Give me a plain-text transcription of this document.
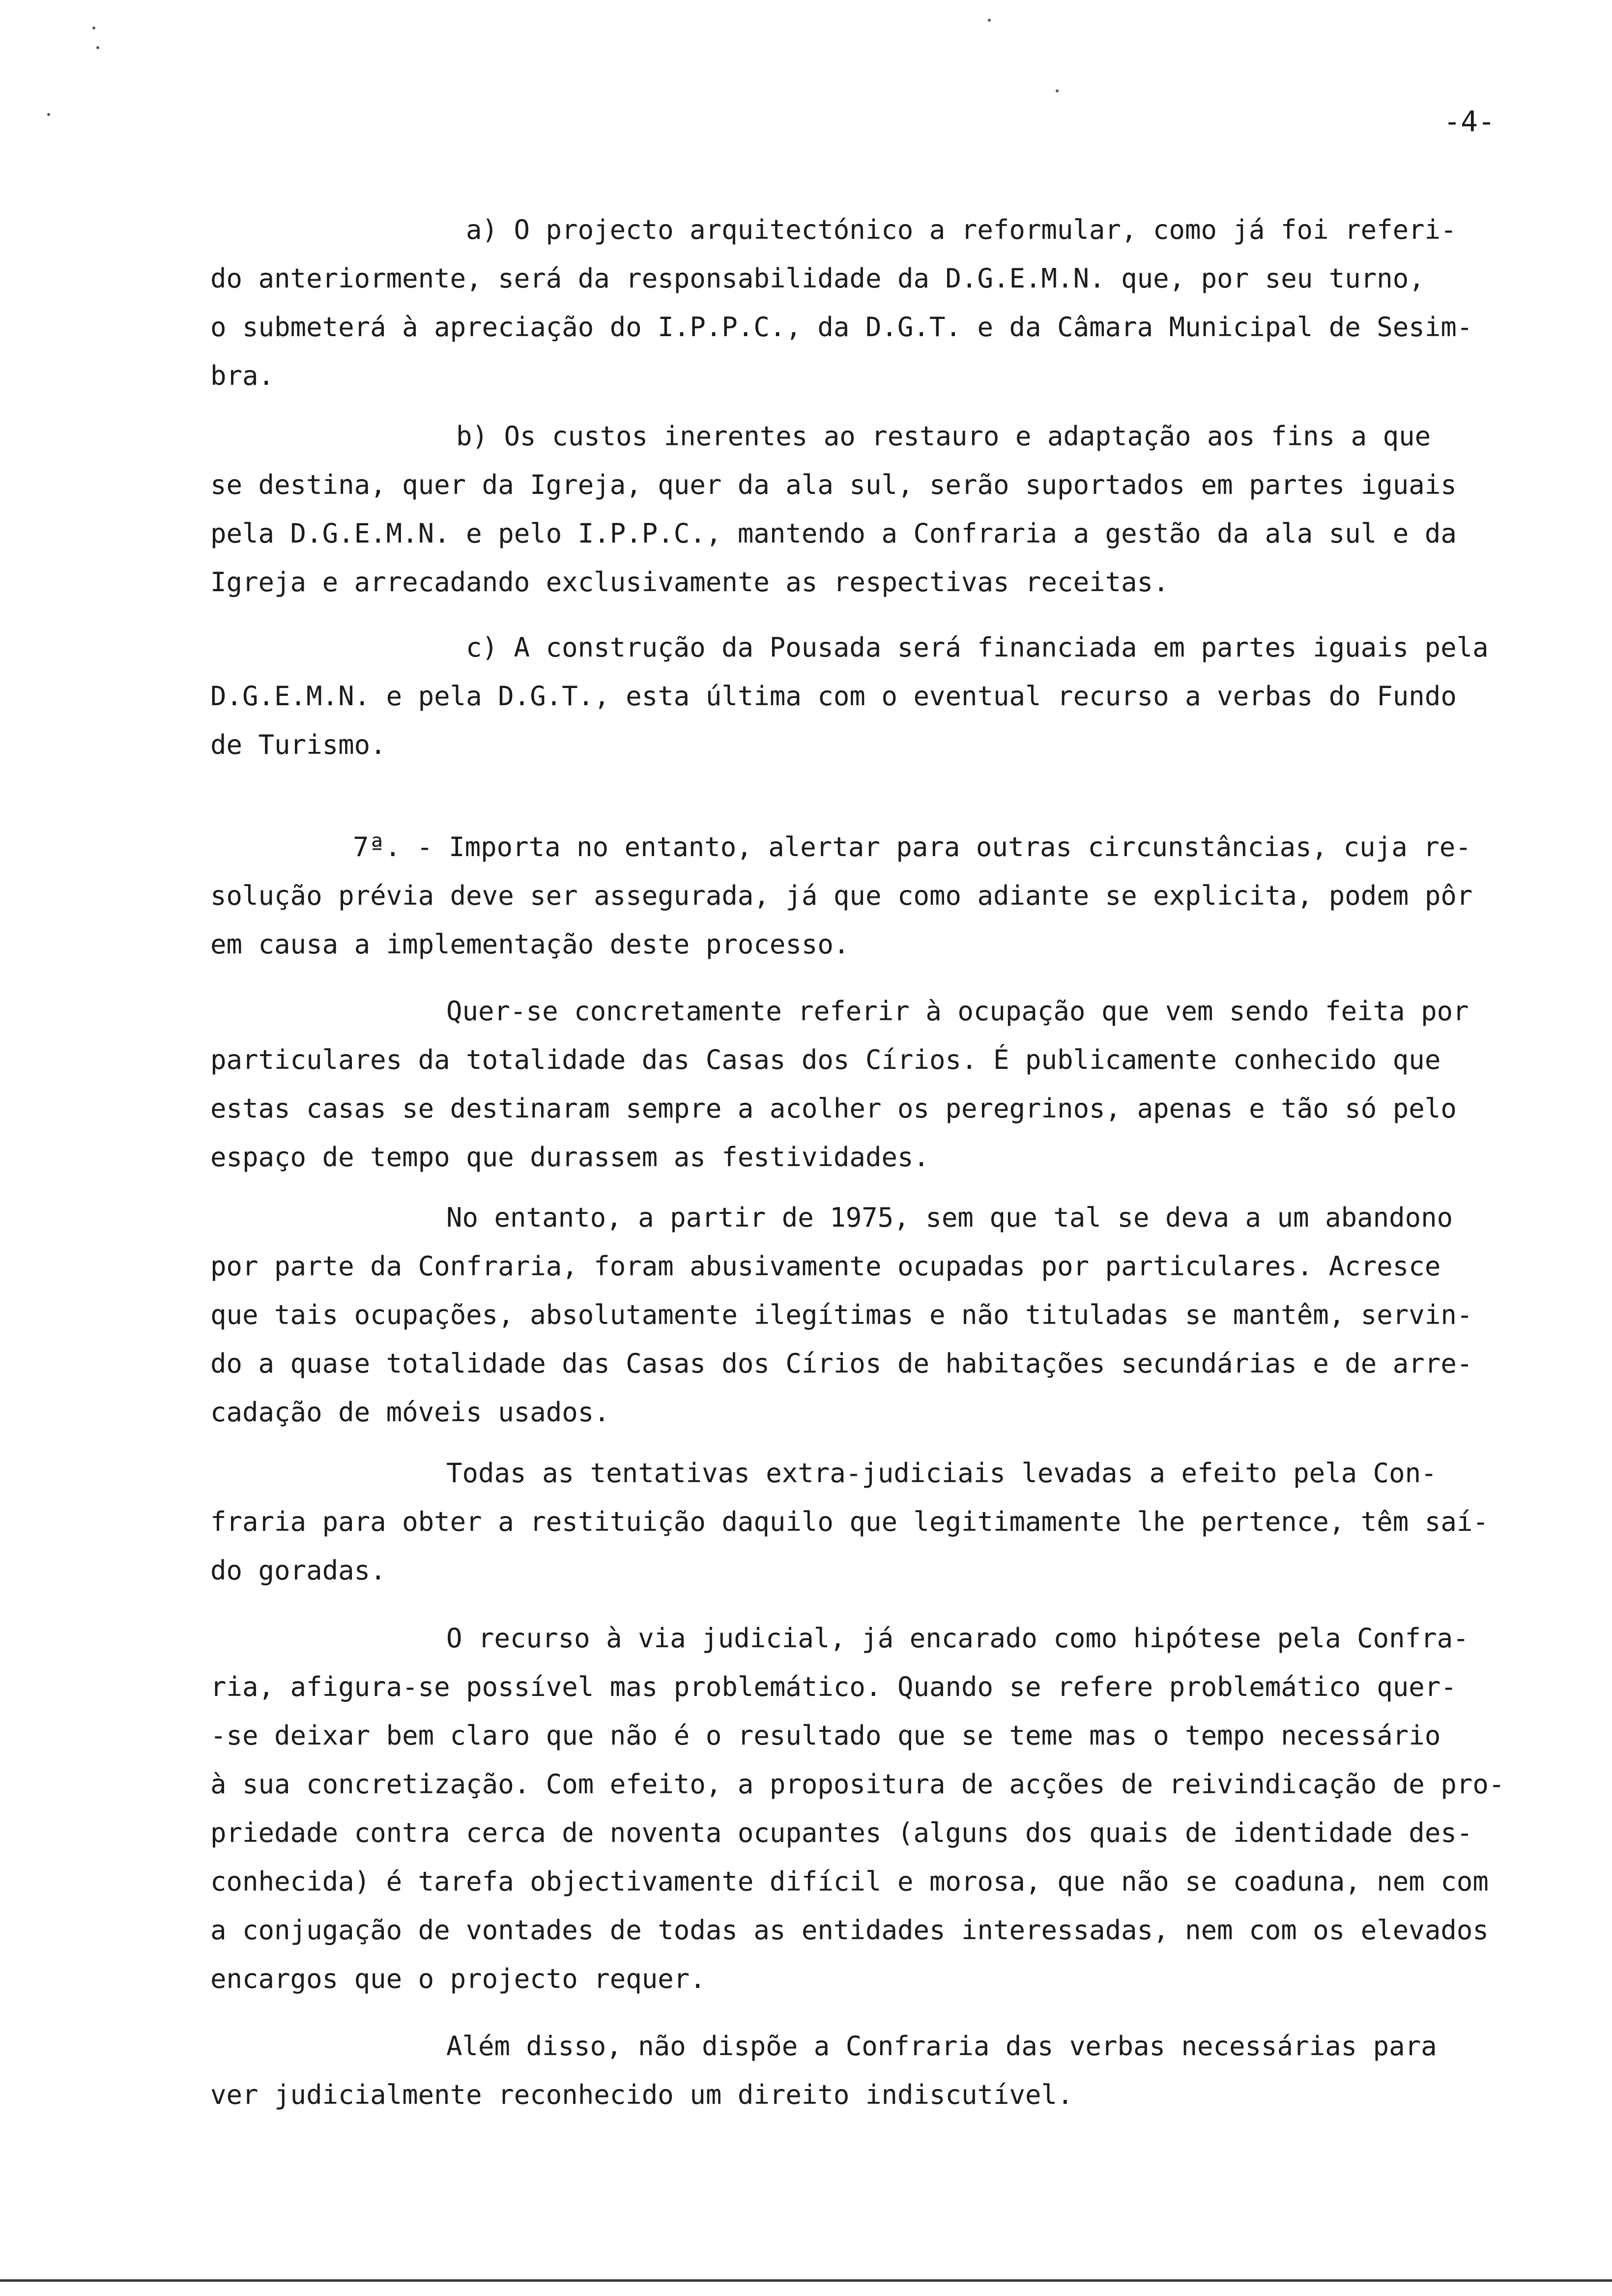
-4-
a) O projecto arquitectónico a reformular, como já foi referi-
do anteriormente, será da responsabilidade da D.G.E.M.N. que, por seu turno,
o submeterá à apreciação do I.P.P.C., da D.G.T. e da Câmara Municipal de Sesim-
bra.
b) Os custos inerentes ao restauro e adaptação aos fins a que
se destina, quer da Igreja, quer da ala sul, serão suportados em partes iguais
pela D.G.E.M.N. e pelo I.P.P.C., mantendo a Confraria a gestão da ala sul e da
Igreja e arrecadando exclusivamente as respectivas receitas.
c) A construção da Pousada será financiada em partes iguais pela
D.G.E.M.N. e pela D.G.T., esta última com o eventual recurso a verbas do Fundo
de Turismo.
7ª. - Importa no entanto, alertar para outras circunstâncias, cuja re-
solução prévia deve ser assegurada, já que como adiante se explicita, podem pôr
em causa a implementação deste processo.
Quer-se concretamente referir à ocupação que vem sendo feita por
particulares da totalidade das Casas dos Círios. É publicamente conhecido que
estas casas se destinaram sempre a acolher os peregrinos, apenas e tão só pelo
espaço de tempo que durassem as festividades.
No entanto, a partir de 1975, sem que tal se deva a um abandono
por parte da Confraria, foram abusivamente ocupadas por particulares. Acresce
que tais ocupações, absolutamente ilegítimas e não tituladas se mantêm, servin-
do a quase totalidade das Casas dos Círios de habitações secundárias e de arre-
cadação de móveis usados.
Todas as tentativas extra-judiciais levadas a efeito pela Con-
fraria para obter a restituição daquilo que legitimamente lhe pertence, têm saí-
do goradas.
O recurso à via judicial, já encarado como hipótese pela Confra-
ria, afigura-se possível mas problemático. Quando se refere problemático quer-
-se deixar bem claro que não é o resultado que se teme mas o tempo necessário
à sua concretização. Com efeito, a propositura de acções de reivindicação de pro-
priedade contra cerca de noventa ocupantes (alguns dos quais de identidade des-
conhecida) é tarefa objectivamente difícil e morosa, que não se coaduna, nem com
a conjugação de vontades de todas as entidades interessadas, nem com os elevados
encargos que o projecto requer.
Além disso, não dispõe a Confraria das verbas necessárias para
ver judicialmente reconhecido um direito indiscutível.
